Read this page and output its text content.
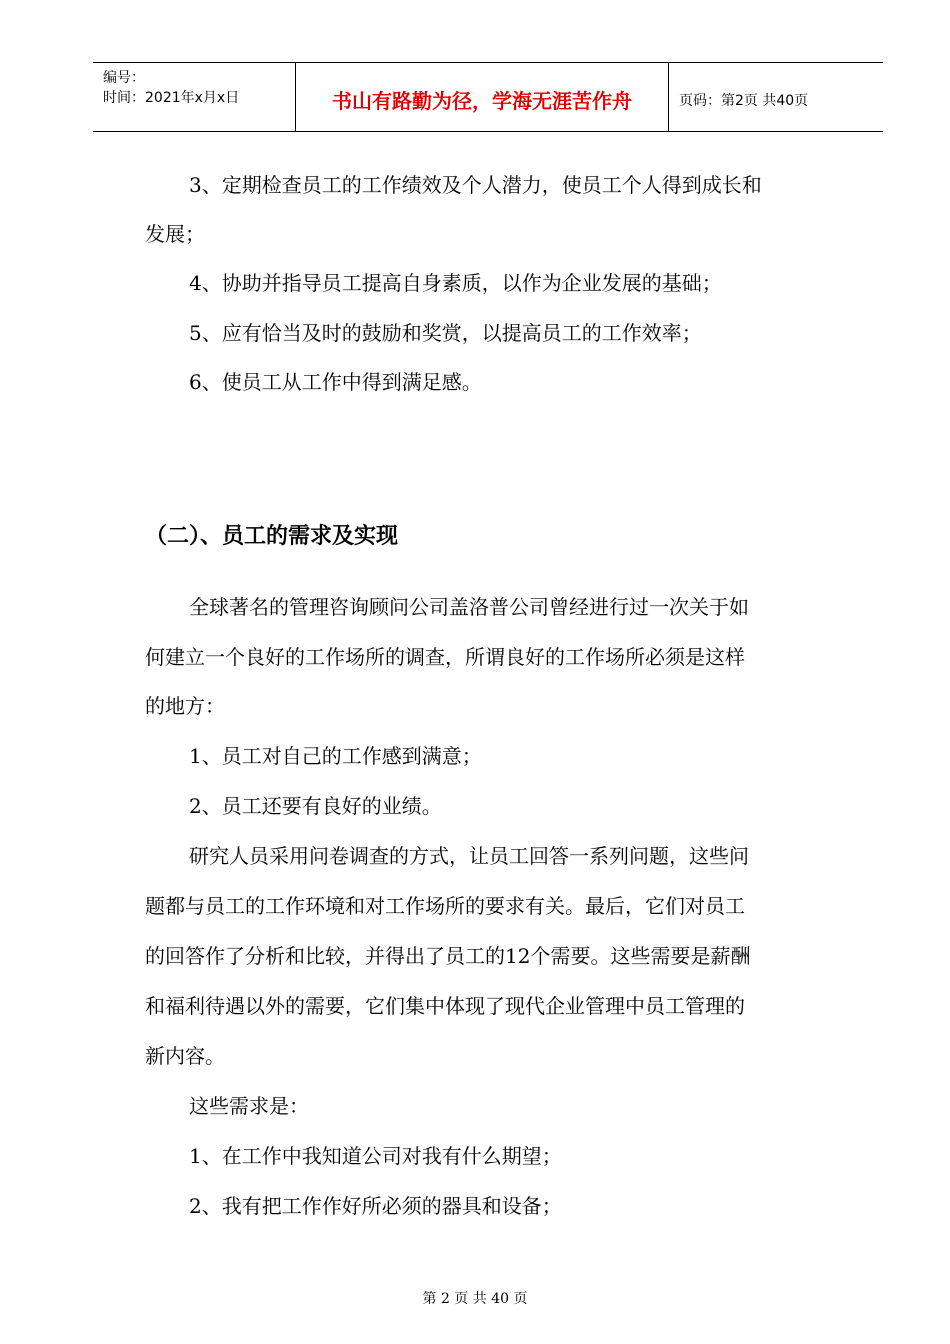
编号：
时间：2021年x月x日	书山有路勤为径，学海无涯苦作舟	页码：第2页 共40页
3、定期检查员工的工作绩效及个人潜力，使员工个人得到成长和
发展；
4、协助并指导员工提高自身素质，以作为企业发展的基础；
5、应有恰当及时的鼓励和奖赏，以提高员工的工作效率；
6、使员工从工作中得到满足感。
（二）、员工的需求及实现
全球著名的管理咨询顾问公司盖洛普公司曾经进行过一次关于如
何建立一个良好的工作场所的调查，所谓良好的工作场所必须是这样
的地方：
1、员工对自己的工作感到满意；
2、员工还要有良好的业绩。
研究人员采用问卷调查的方式，让员工回答一系列问题，这些问
题都与员工的工作环境和对工作场所的要求有关。最后，它们对员工
的回答作了分析和比较，并得出了员工的12个需要。这些需要是薪酬
和福利待遇以外的需要，它们集中体现了现代企业管理中员工管理的
新内容。
这些需求是：
1、在工作中我知道公司对我有什么期望；
2、我有把工作作好所必须的器具和设备；
第 2 页 共 40 页
